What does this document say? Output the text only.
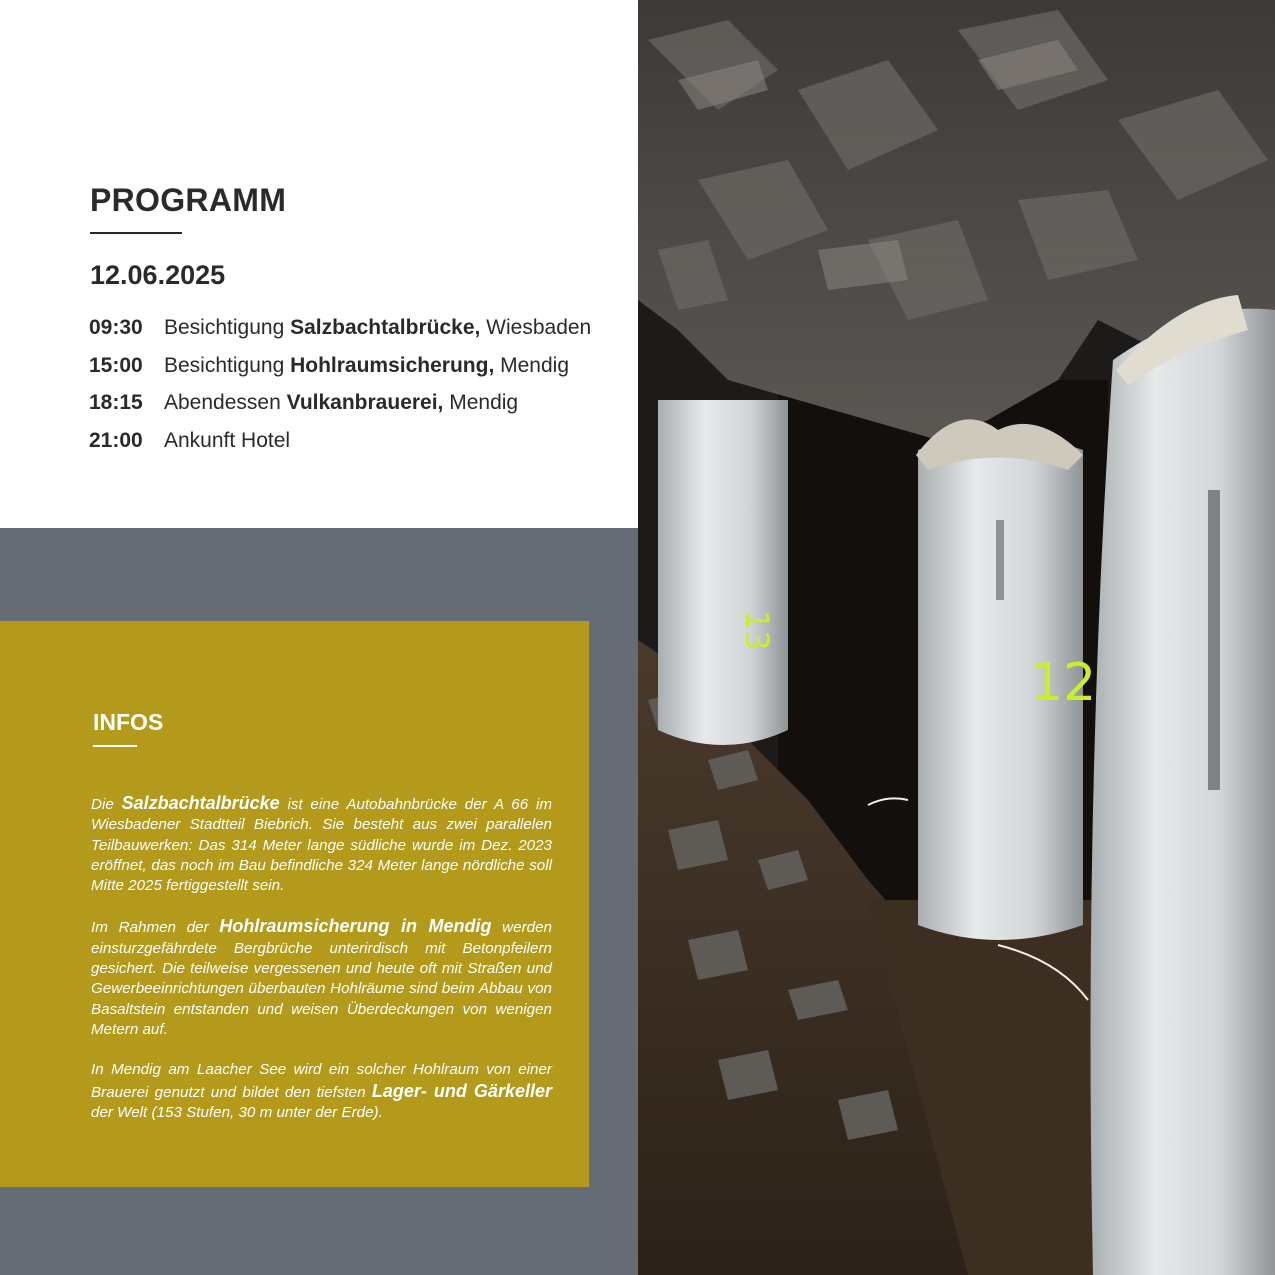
PROGRAMM
12.06.2025
09:30 Besichtigung Salzbachtalbrücke, Wiesbaden
15:00 Besichtigung Hohlraumsicherung, Mendig
18:15 Abendessen Vulkanbrauerei, Mendig
21:00 Ankunft Hotel
INFOS

Die Salzbachtalbrücke ist eine Autobahnbrücke der A 66 im Wiesbadener Stadtteil Biebrich. Sie besteht aus zwei parallelen Teilbauwerken: Das 314 Meter lange südliche wurde im Dez. 2023 eröffnet, das noch im Bau befindliche 324 Meter lange nördliche soll Mitte 2025 fertiggestellt sein.

Im Rahmen der Hohlraumsicherung in Mendig werden einsturzgefährdete Bergbrüche unterirdisch mit Betonpfeilern gesichert. Die teilweise vergessenen und heute oft mit Straßen und Gewerbeeinrichtungen überbauten Hohlräume sind beim Abbau von Basaltstein entstanden und weisen Überdeckungen von wenigen Metern auf.

In Mendig am Laacher See wird ein solcher Hohlraum von einer Brauerei genutzt und bildet den tiefsten Lager- und Gärkeller der Welt (153 Stufen, 30 m unter der Erde).

13
12
